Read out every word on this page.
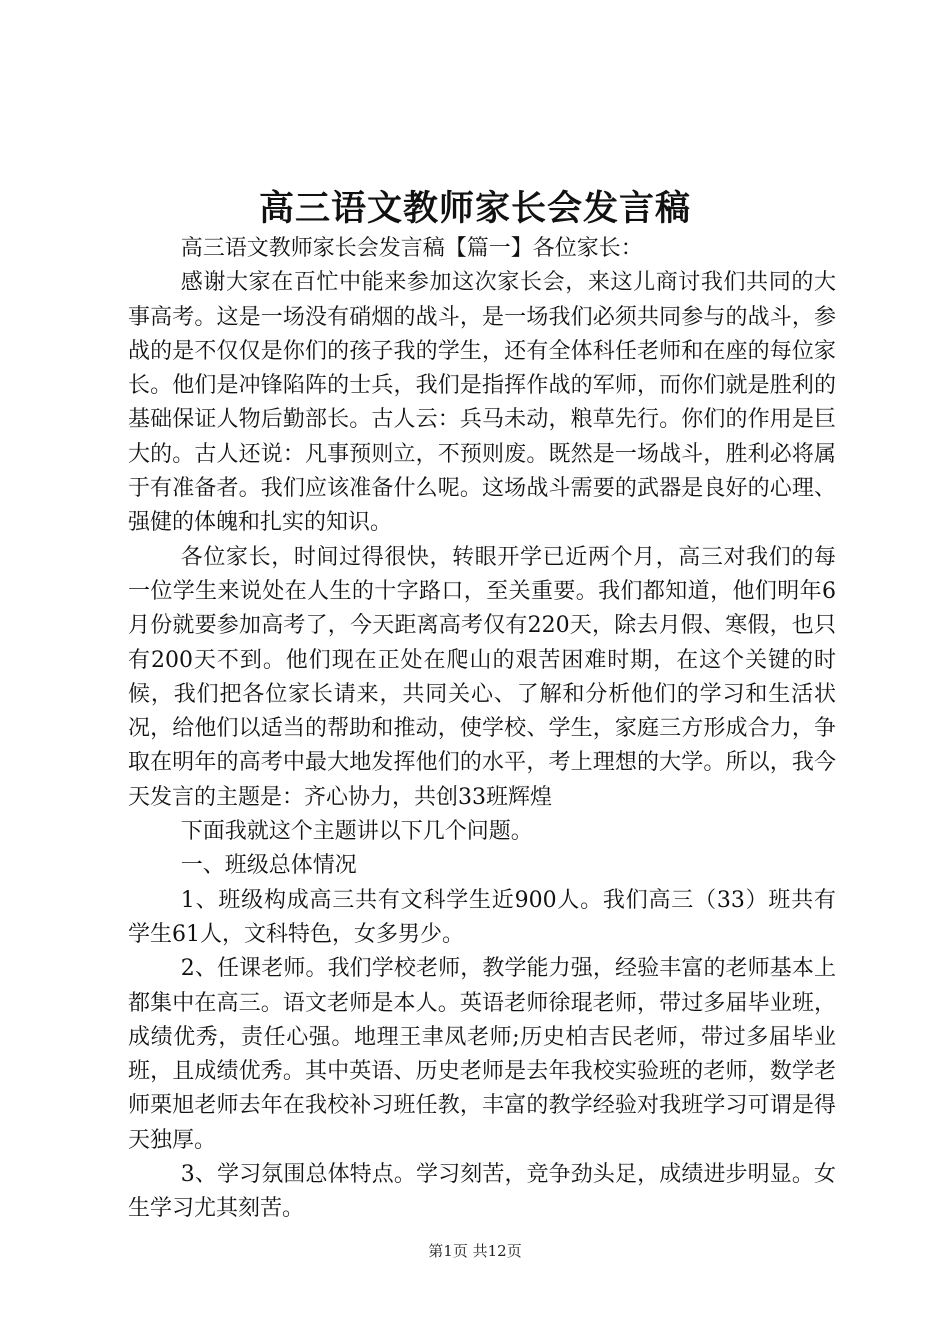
高三语文教师家长会发言稿

高三语文教师家长会发言稿【篇一】各位家长：

感谢大家在百忙中能来参加这次家长会，来这儿商讨我们共同的大事高考。这是一场没有硝烟的战斗，是一场我们必须共同参与的战斗，参战的是不仅仅是你们的孩子我的学生，还有全体科任老师和在座的每位家长。他们是冲锋陷阵的士兵，我们是指挥作战的军师，而你们就是胜利的基础保证人物后勤部长。古人云：兵马未动，粮草先行。你们的作用是巨大的。古人还说：凡事预则立，不预则废。既然是一场战斗，胜利必将属于有准备者。我们应该准备什么呢。这场战斗需要的武器是良好的心理、强健的体魄和扎实的知识。

各位家长，时间过得很快，转眼开学已近两个月，高三对我们的每一位学生来说处在人生的十字路口，至关重要。我们都知道，他们明年6月份就要参加高考了，今天距离高考仅有220天，除去月假、寒假，也只有200天不到。他们现在正处在爬山的艰苦困难时期，在这个关键的时候，我们把各位家长请来，共同关心、了解和分析他们的学习和生活状况，给他们以适当的帮助和推动，使学校、学生，家庭三方形成合力，争取在明年的高考中最大地发挥他们的水平，考上理想的大学。所以，我今天发言的主题是：齐心协力，共创33班辉煌

下面我就这个主题讲以下几个问题。

一、班级总体情况

1、班级构成高三共有文科学生近900人。我们高三（33）班共有学生61人，文科特色，女多男少。

2、任课老师。我们学校老师，教学能力强，经验丰富的老师基本上都集中在高三。语文老师是本人。英语老师徐琨老师，带过多届毕业班，成绩优秀，责任心强。地理王聿凤老师;历史柏吉民老师，带过多届毕业班，且成绩优秀。其中英语、历史老师是去年我校实验班的老师，数学老师栗旭老师去年在我校补习班任教，丰富的教学经验对我班学习可谓是得天独厚。

3、学习氛围总体特点。学习刻苦，竞争劲头足，成绩进步明显。女生学习尤其刻苦。

第1页 共12页
